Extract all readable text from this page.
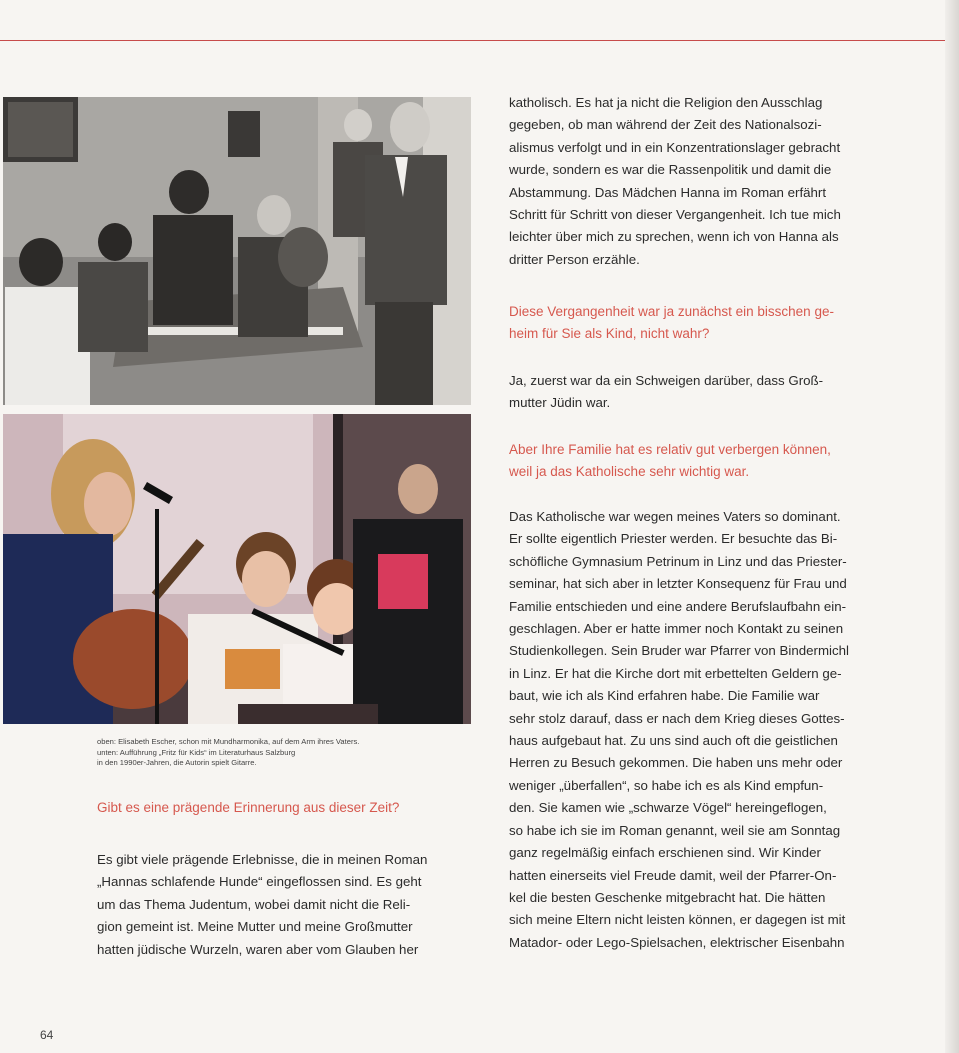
oben: Elisabeth Escher, schon mit Mundharmonika, auf dem Arm ihres Vaters.
unten: Aufführung „Fritz für Kids“ im Literaturhaus Salzburg
in den 1990er-Jahren, die Autorin spielt Gitarre.
Gibt es eine prägende Erinnerung aus dieser Zeit?
Es gibt viele prägende Erlebnisse, die in meinen Roman
„Hannas schlafende Hunde“ eingeflossen sind. Es geht
um das Thema Judentum, wobei damit nicht die Reli-
gion gemeint ist. Meine Mutter und meine Großmutter
hatten jüdische Wurzeln, waren aber vom Glauben her
katholisch. Es hat ja nicht die Religion den Ausschlag
gegeben, ob man während der Zeit des Nationalsozi-
alismus verfolgt und in ein Konzentrationslager gebracht
wurde, sondern es war die Rassenpolitik und damit die
Abstammung. Das Mädchen Hanna im Roman erfährt
Schritt für Schritt von dieser Vergangenheit. Ich tue mich
leichter über mich zu sprechen, wenn ich von Hanna als
dritter Person erzähle.
Diese Vergangenheit war ja zunächst ein bisschen ge-
heim für Sie als Kind, nicht wahr?
Ja, zuerst war da ein Schweigen darüber, dass Groß-
mutter Jüdin war.
Aber Ihre Familie hat es relativ gut verbergen können,
weil ja das Katholische sehr wichtig war.
Das Katholische war wegen meines Vaters so dominant.
Er sollte eigentlich Priester werden. Er besuchte das Bi-
schöfliche Gymnasium Petrinum in Linz und das Priester-
seminar, hat sich aber in letzter Konsequenz für Frau und
Familie entschieden und eine andere Berufslaufbahn ein-
geschlagen. Aber er hatte immer noch Kontakt zu seinen
Studienkollegen. Sein Bruder war Pfarrer von Bindermichl
in Linz. Er hat die Kirche dort mit erbettelten Geldern ge-
baut, wie ich als Kind erfahren habe. Die Familie war
sehr stolz darauf, dass er nach dem Krieg dieses Gottes-
haus aufgebaut hat. Zu uns sind auch oft die geistlichen
Herren zu Besuch gekommen. Die haben uns mehr oder
weniger „überfallen“, so habe ich es als Kind empfun-
den. Sie kamen wie „schwarze Vögel“ hereingeflogen,
so habe ich sie im Roman genannt, weil sie am Sonntag
ganz regelmäßig einfach erschienen sind. Wir Kinder
hatten einerseits viel Freude damit, weil der Pfarrer-On-
kel die besten Geschenke mitgebracht hat. Die hätten
sich meine Eltern nicht leisten können, er dagegen ist mit
Matador- oder Lego-Spielsachen, elektrischer Eisenbahn
64
